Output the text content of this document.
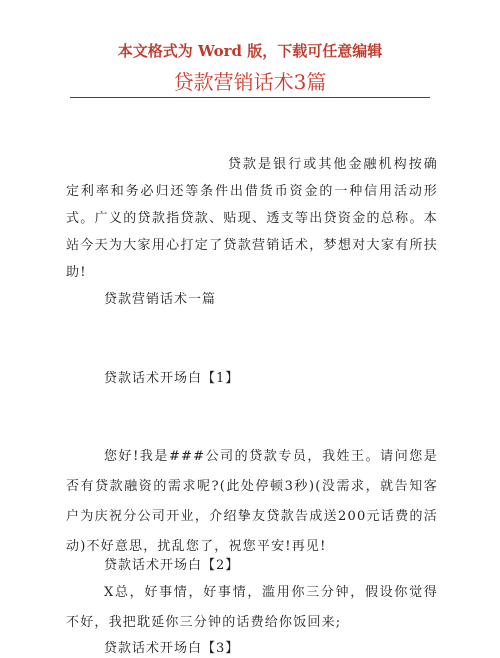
本文格式为 Word 版，下载可任意编辑
贷款营销话术3篇
贷款是银行或其他金融机构按确定利率和务必归还等条件出借货币资金的一种信用活动形式。广义的贷款指贷款、贴现、透支等出贷资金的总称。本站今天为大家用心打定了贷款营销话术，梦想对大家有所扶助!
贷款营销话术一篇
贷款话术开场白【1】
您好!我是###公司的贷款专员，我姓王。请问您是否有贷款融资的需求呢?(此处停顿3秒)(没需求，就告知客户为庆祝分公司开业，介绍挚友贷款告成送200元话费的活动)不好意思，扰乱您了，祝您平安!再见!
贷款话术开场白【2】
X总，好事情，好事情，滥用你三分钟，假设你觉得不好，我把耽延你三分钟的话费给你饭回来;
贷款话术开场白【3】
